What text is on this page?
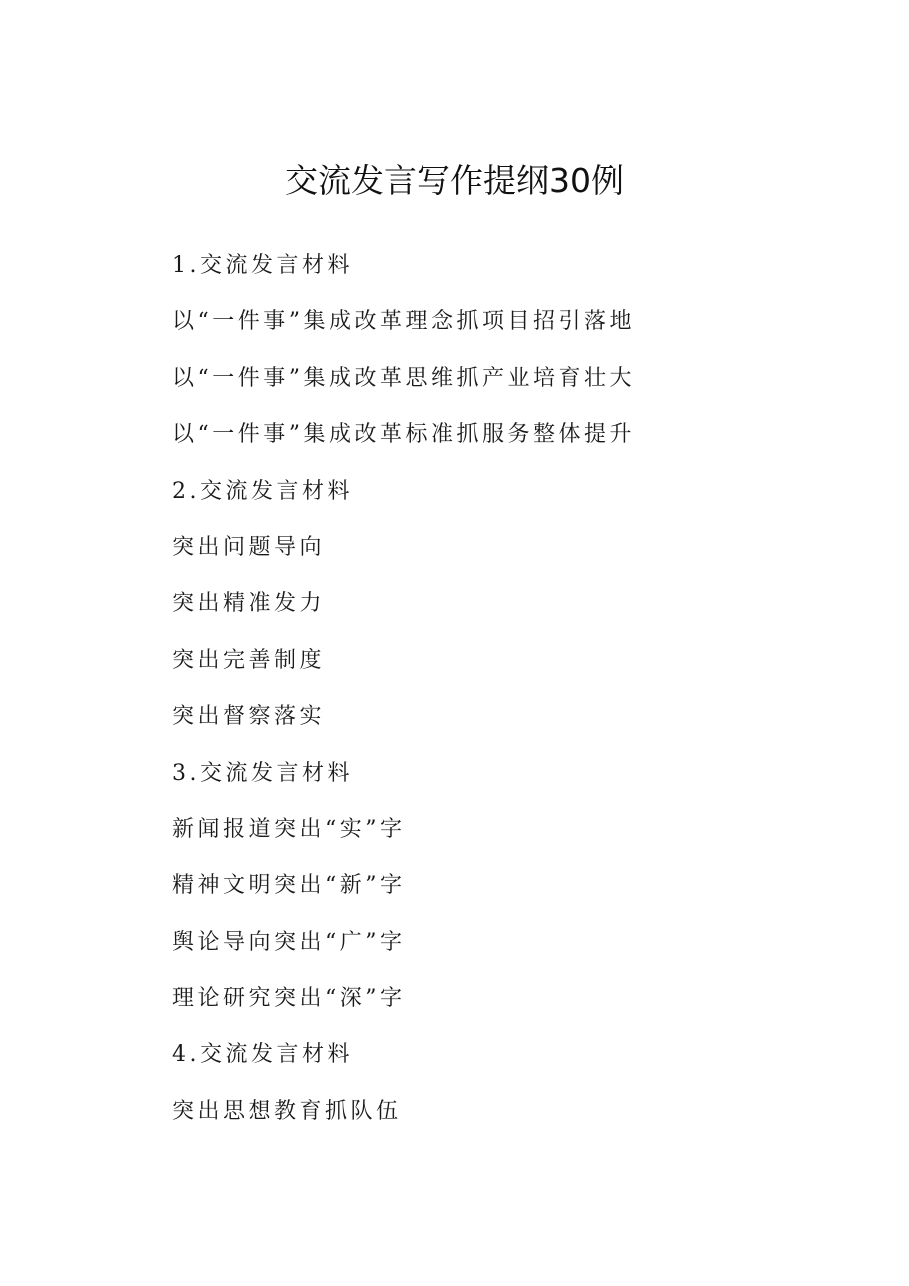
交流发言写作提纲30例
1.交流发言材料
以“一件事”集成改革理念抓项目招引落地
以“一件事”集成改革思维抓产业培育壮大
以“一件事”集成改革标准抓服务整体提升
2.交流发言材料
突出问题导向
突出精准发力
突出完善制度
突出督察落实
3.交流发言材料
新闻报道突出“实”字
精神文明突出“新”字
舆论导向突出“广”字
理论研究突出“深”字
4.交流发言材料
突出思想教育抓队伍
